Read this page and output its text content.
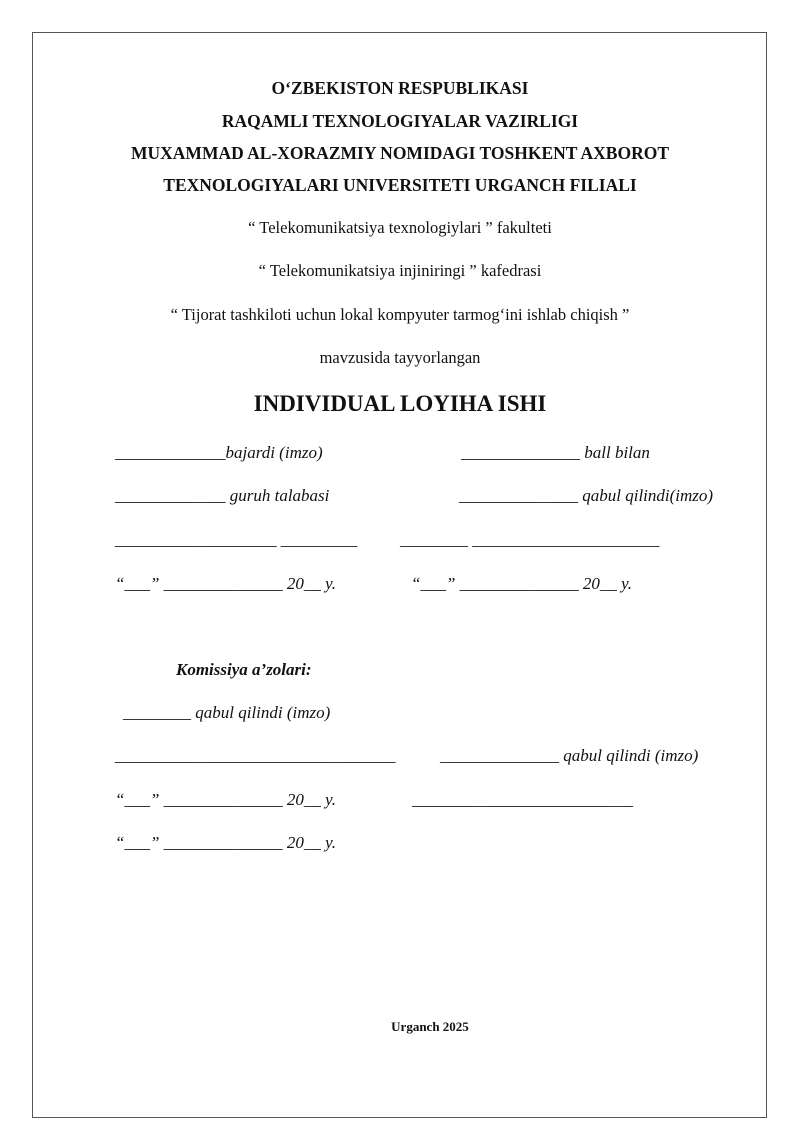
O‘ZBEKISTON RESPUBLIKASI
RAQAMLI TEXNOLOGIYALAR VAZIRLIGI
MUXAMMAD AL-XORAZMIY NOMIDAGI TOSHKENT AXBOROT
TEXNOLOGIYALARI UNIVERSITETI URGANCH FILIALI
“ Telekomunikatsiya texnologiylari ” fakulteti
“ Telekomunikatsiya injiniringi ” kafedrasi
“ Tijorat tashkiloti uchun lokal kompyuter tarmog‘ini ishlab chiqish ”
mavzusida tayyorlangan
INDIVIDUAL LOYIHA ISHI
_____________bajardi (imzo)	______________ ball bilan
_____________ guruh talabasi	______________ qabul qilindi(imzo)
___________________ _________	________ ______________________
“___” ______________ 20__ y.	“___” ______________ 20__ y.
Komissiya a’zolari:
________ qabul qilindi (imzo)
_________________________________	______________ qabul qilindi (imzo)
“___” ______________ 20__ y.	__________________________
“___” ______________ 20__ y.
Urganch 2025
